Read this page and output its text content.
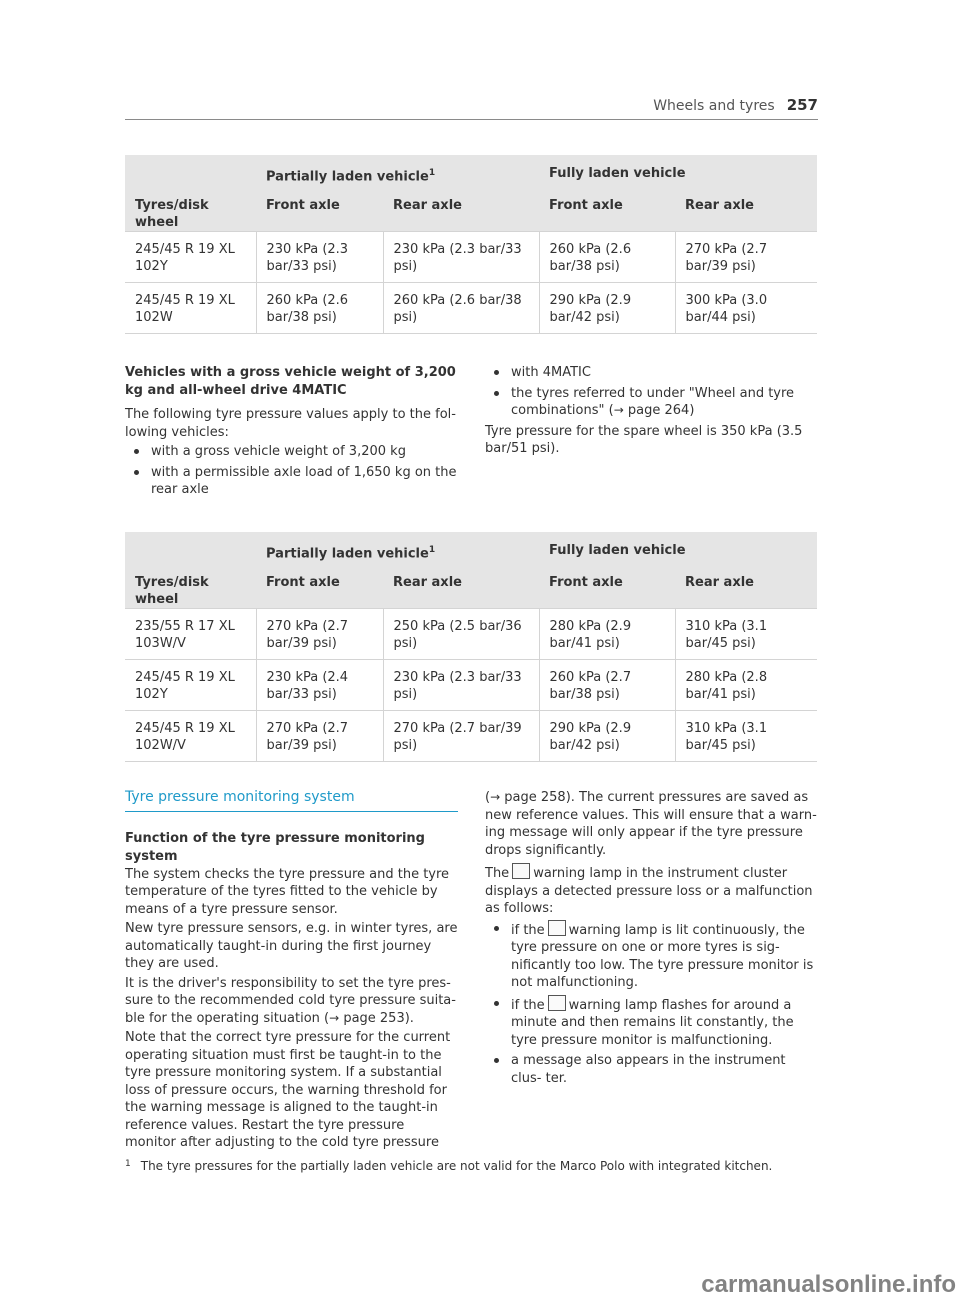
Wheels and tyres 257
	Partially laden vehicle$^1$		Fully laden vehicle	
Tyres/disk wheel	Front axle	Rear axle	Front axle	Rear axle
245/45 R 19 XL 102Y	230 kPa (2.3 bar/33 psi)	230 kPa (2.3 bar/33 psi)	260 kPa (2.6 bar/38 psi)	270 kPa (2.7 bar/39 psi)
245/45 R 19 XL 102W	260 kPa (2.6 bar/38 psi)	260 kPa (2.6 bar/38 psi)	290 kPa (2.9 bar/42 psi)	300 kPa (3.0 bar/44 psi)
Vehicles with a gross vehicle weight of 3,200 kg and all-wheel drive 4MATIC

The following tyre pressure values apply to the fol- lowing vehicles:

with a gross vehicle weight of 3,200 kg
with a permissible axle load of 1,650 kg on the rear axle
with 4MATIC
the tyres referred to under "Wheel and tyre combinations" (→ page 264)

Tyre pressure for the spare wheel is 350 kPa (3.5 bar/51 psi).

	Partially laden vehicle$^1$		Fully laden vehicle	
Tyres/disk wheel	Front axle	Rear axle	Front axle	Rear axle
235/55 R 17 XL 103W/V	270 kPa (2.7 bar/39 psi)	250 kPa (2.5 bar/36 psi)	280 kPa (2.9 bar/41 psi)	310 kPa (3.1 bar/45 psi)
245/45 R 19 XL 102Y	230 kPa (2.4 bar/33 psi)	230 kPa (2.3 bar/33 psi)	260 kPa (2.7 bar/38 psi)	280 kPa (2.8 bar/41 psi)
245/45 R 19 XL 102W/V	270 kPa (2.7 bar/39 psi)	270 kPa (2.7 bar/39 psi)	290 kPa (2.9 bar/42 psi)	310 kPa (3.1 bar/45 psi)
Tyre pressure monitoring system
Function of the tyre pressure monitoring system

The system checks the tyre pressure and the tyre temperature of the tyres fitted to the vehicle by means of a tyre pressure sensor.

New tyre pressure sensors, e.g. in winter tyres, are automatically taught-in during the first journey they are used.

It is the driver's responsibility to set the tyre pres- sure to the recommended cold tyre pressure suita- ble for the operating situation (→ page 253).

Note that the correct tyre pressure for the current operating situation must first be taught-in to the tyre pressure monitoring system. If a substantial loss of pressure occurs, the warning threshold for the warning message is aligned to the taught-in reference values. Restart the tyre pressure monitor after adjusting to the cold tyre pressure

(→ page 258). The current pressures are saved as new reference values. This will ensure that a warn- ing message will only appear if the tyre pressure drops significantly.

The warning lamp in the instrument cluster displays a detected pressure loss or a malfunction as follows:

if the warning lamp is lit continuously, the tyre pressure on one or more tyres is sig- nificantly too low. The tyre pressure monitor is not malfunctioning.
if the warning lamp flashes for around a minute and then remains lit constantly, the tyre pressure monitor is malfunctioning.
a message also appears in the instrument clus- ter.
$^1$ The tyre pressures for the partially laden vehicle are not valid for the Marco Polo with integrated kitchen.
carmanualsonline.info
